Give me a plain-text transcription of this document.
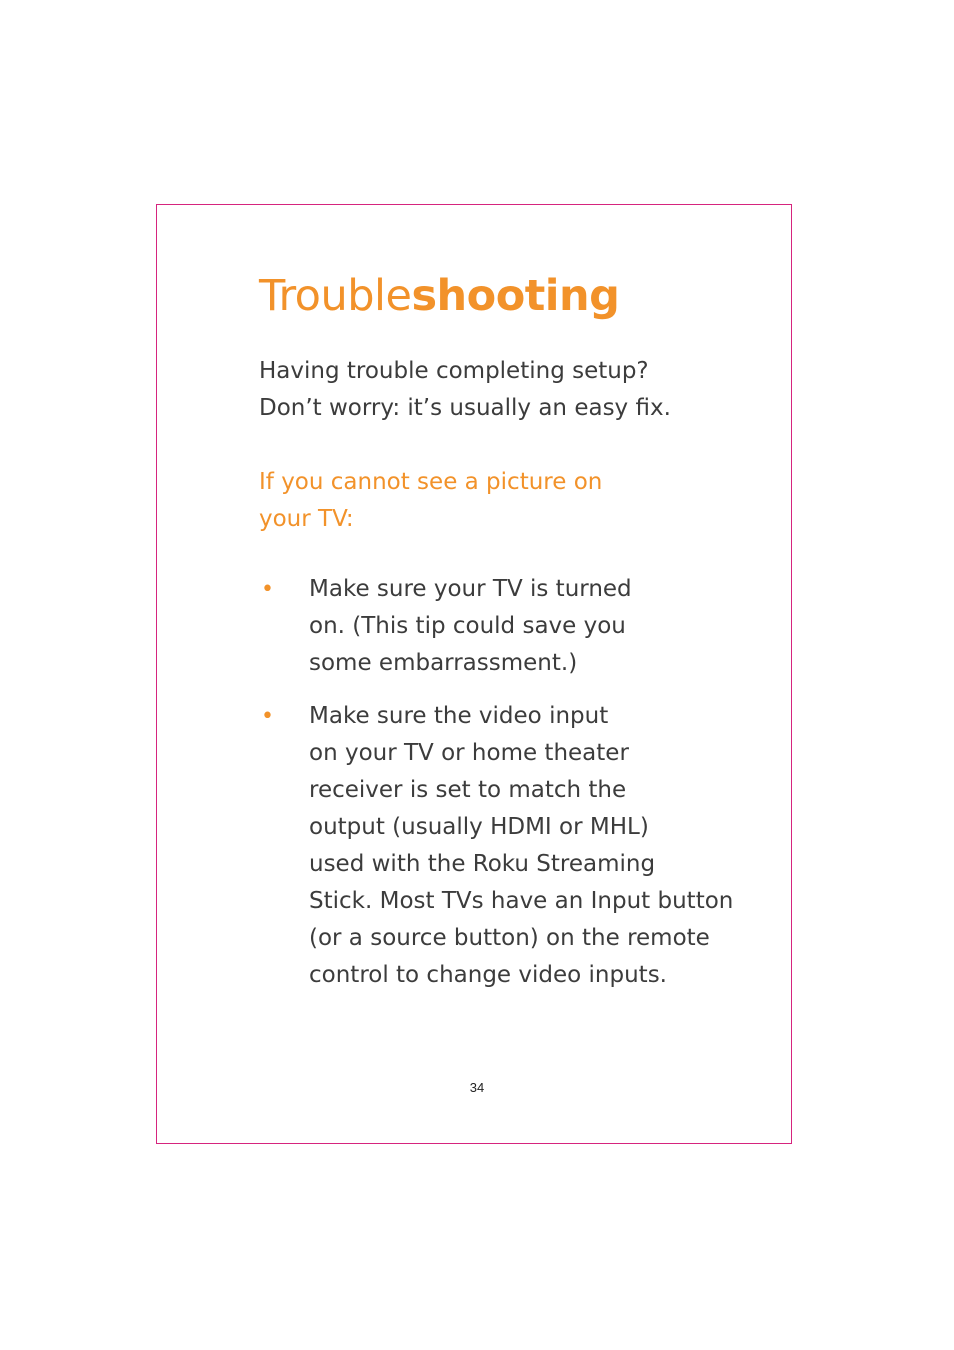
Troubleshooting

Having trouble completing setup?
Don’t worry: it’s usually an easy fix.

If you cannot see a picture on
your TV:

• Make sure your TV is turned
on. (This tip could save you
some embarrassment.)
• Make sure the video input
on your TV or home theater
receiver is set to match the
output (usually HDMI or MHL)
used with the Roku Streaming
Stick. Most TVs have an Input button
(or a source button) on the remote
control to change video inputs.
34
